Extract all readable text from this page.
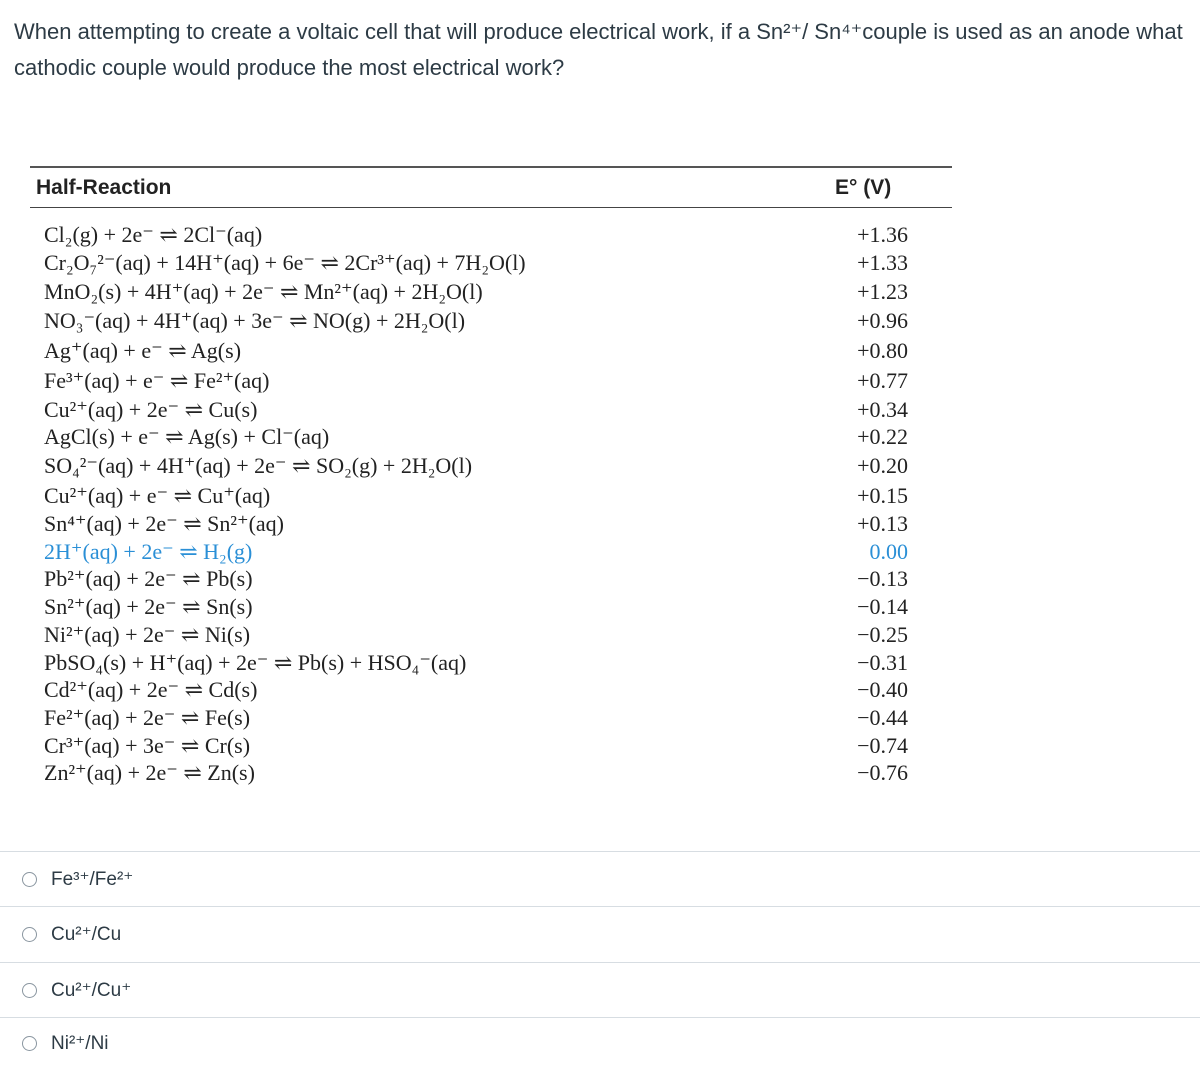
When attempting to create a voltaic cell that will produce electrical work, if a Sn²⁺/ Sn⁴⁺couple is used as an anode what cathodic couple would produce the most electrical work?
Half-Reaction	E° (V)
Cl₂(g) + 2e⁻ ⇌ 2Cl⁻(aq)	+1.36
Cr₂O₇²⁻(aq) + 14H⁺(aq) + 6e⁻ ⇌ 2Cr³⁺(aq) + 7H₂O(l)	+1.33
MnO₂(s) + 4H⁺(aq) + 2e⁻ ⇌ Mn²⁺(aq) + 2H₂O(l)	+1.23
NO₃⁻(aq) + 4H⁺(aq) + 3e⁻ ⇌ NO(g) + 2H₂O(l)	+0.96
Ag⁺(aq) + e⁻ ⇌ Ag(s)	+0.80
Fe³⁺(aq) + e⁻ ⇌ Fe²⁺(aq)	+0.77
Cu²⁺(aq) + 2e⁻ ⇌ Cu(s)	+0.34
AgCl(s) + e⁻ ⇌ Ag(s) + Cl⁻(aq)	+0.22
SO₄²⁻(aq) + 4H⁺(aq) + 2e⁻ ⇌ SO₂(g) + 2H₂O(l)	+0.20
Cu²⁺(aq) + e⁻ ⇌ Cu⁺(aq)	+0.15
Sn⁴⁺(aq) + 2e⁻ ⇌ Sn²⁺(aq)	+0.13
2H⁺(aq) + 2e⁻ ⇌ H₂(g)	0.00
Pb²⁺(aq) + 2e⁻ ⇌ Pb(s)	−0.13
Sn²⁺(aq) + 2e⁻ ⇌ Sn(s)	−0.14
Ni²⁺(aq) + 2e⁻ ⇌ Ni(s)	−0.25
PbSO₄(s) + H⁺(aq) + 2e⁻ ⇌ Pb(s) + HSO₄⁻(aq)	−0.31
Cd²⁺(aq) + 2e⁻ ⇌ Cd(s)	−0.40
Fe²⁺(aq) + 2e⁻ ⇌ Fe(s)	−0.44
Cr³⁺(aq) + 3e⁻ ⇌ Cr(s)	−0.74
Zn²⁺(aq) + 2e⁻ ⇌ Zn(s)	−0.76
Fe³⁺/Fe²⁺
Cu²⁺/Cu
Cu²⁺/Cu⁺
Ni²⁺/Ni
